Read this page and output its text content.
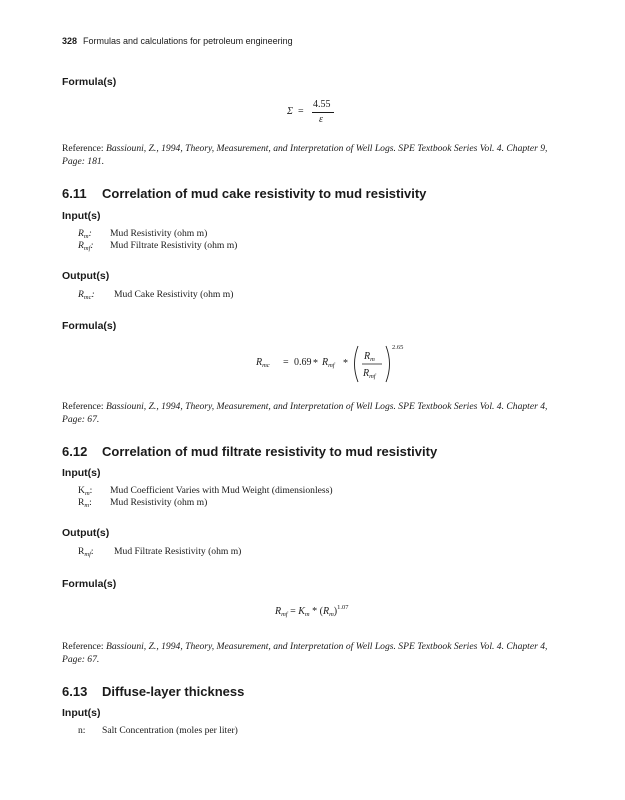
328 Formulas and calculations for petroleum engineering
Formula(s)
Σ =
4.55
ε
Reference: Bassiouni, Z., 1994, Theory, Measurement, and Interpretation of Well Logs. SPE Textbook Series Vol. 4. Chapter 9, Page: 181.
6.11 Correlation of mud cake resistivity to mud resistivity
Input(s)
$R_m$: Mud Resistivity (ohm m)
$R_{mf}$: Mud Filtrate Resistivity (ohm m)
Output(s)
$R_{mc}$: Mud Cake Resistivity (ohm m)
Formula(s)
$R_{mc} = 0.69 * R_{mf}$ *
$R_m$
$R_{mf}$
2.65
Reference: Bassiouni, Z., 1994, Theory, Measurement, and Interpretation of Well Logs. SPE Textbook Series Vol. 4. Chapter 4, Page: 67.
6.12 Correlation of mud filtrate resistivity to mud resistivity
Input(s)
$K_m$: Mud Coefficient Varies with Mud Weight (dimensionless)
$R_m$: Mud Resistivity (ohm m)
Output(s)
$R_{mf}$: Mud Filtrate Resistivity (ohm m)
Formula(s)
$R_{mf} = K_m * (R_m)^{1.07}$
Reference: Bassiouni, Z., 1994, Theory, Measurement, and Interpretation of Well Logs. SPE Textbook Series Vol. 4. Chapter 4, Page: 67.
6.13 Diffuse-layer thickness
Input(s)
n: Salt Concentration (moles per liter)
